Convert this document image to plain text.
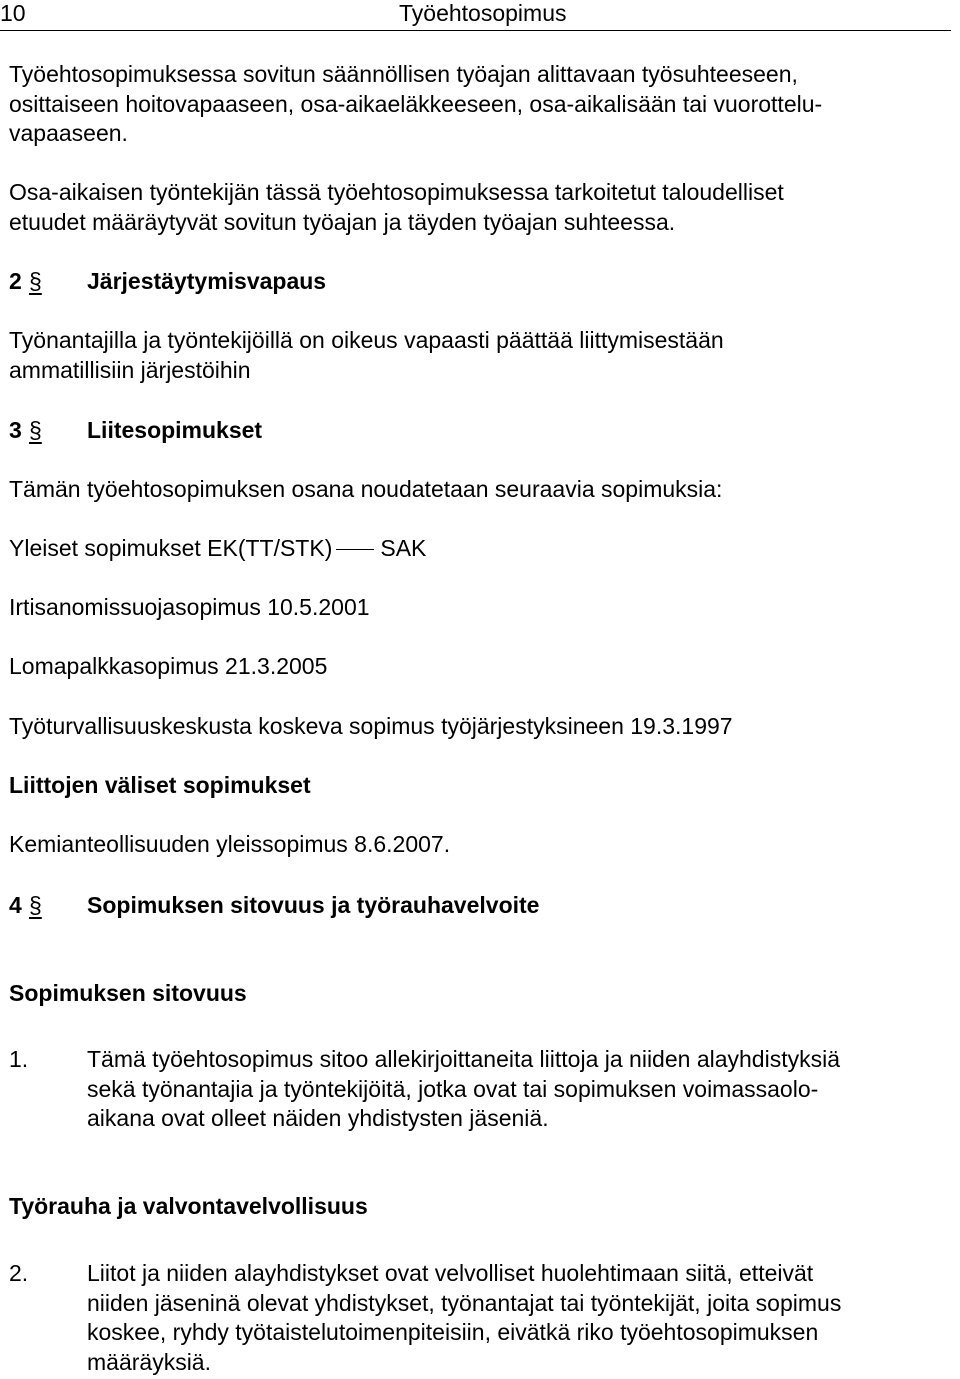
10	Työehtosopimus
Työehtosopimuksessa sovitun säännöllisen työajan alittavaan työsuhteeseen,
osittaiseen hoitovapaaseen, osa-aikaeläkkeeseen, osa-aikalisään tai vuorottelu-
vapaaseen.
Osa-aikaisen työntekijän tässä työehtosopimuksessa tarkoitetut taloudelliset
etuudet määräytyvät sovitun työajan ja täyden työajan suhteessa.
2 § Järjestäytymisvapaus
Työnantajilla ja työntekijöillä on oikeus vapaasti päättää liittymisestään
ammatillisiin järjestöihin
3 § Liitesopimukset
Tämän työehtosopimuksen osana noudatetaan seuraavia sopimuksia:
Yleiset sopimukset EK(TT/STK) SAK
Irtisanomissuojasopimus 10.5.2001
Lomapalkkasopimus 21.3.2005
Työturvallisuuskeskusta koskeva sopimus työjärjestyksineen 19.3.1997
Liittojen väliset sopimukset
Kemianteollisuuden yleissopimus 8.6.2007.
4 § Sopimuksen sitovuus ja työrauhavelvoite
Sopimuksen sitovuus
1.	Tämä työehtosopimus sitoo allekirjoittaneita liittoja ja niiden alayhdistyksiä
sekä työnantajia ja työntekijöitä, jotka ovat tai sopimuksen voimassaolo-
aikana ovat olleet näiden yhdistysten jäseniä.
Työrauha ja valvontavelvollisuus
2.	Liitot ja niiden alayhdistykset ovat velvolliset huolehtimaan siitä, etteivät
niiden jäseninä olevat yhdistykset, työnantajat tai työntekijät, joita sopimus
koskee, ryhdy työtaistelutoimenpiteisiin, eivätkä riko työehtosopimuksen
määräyksiä.
